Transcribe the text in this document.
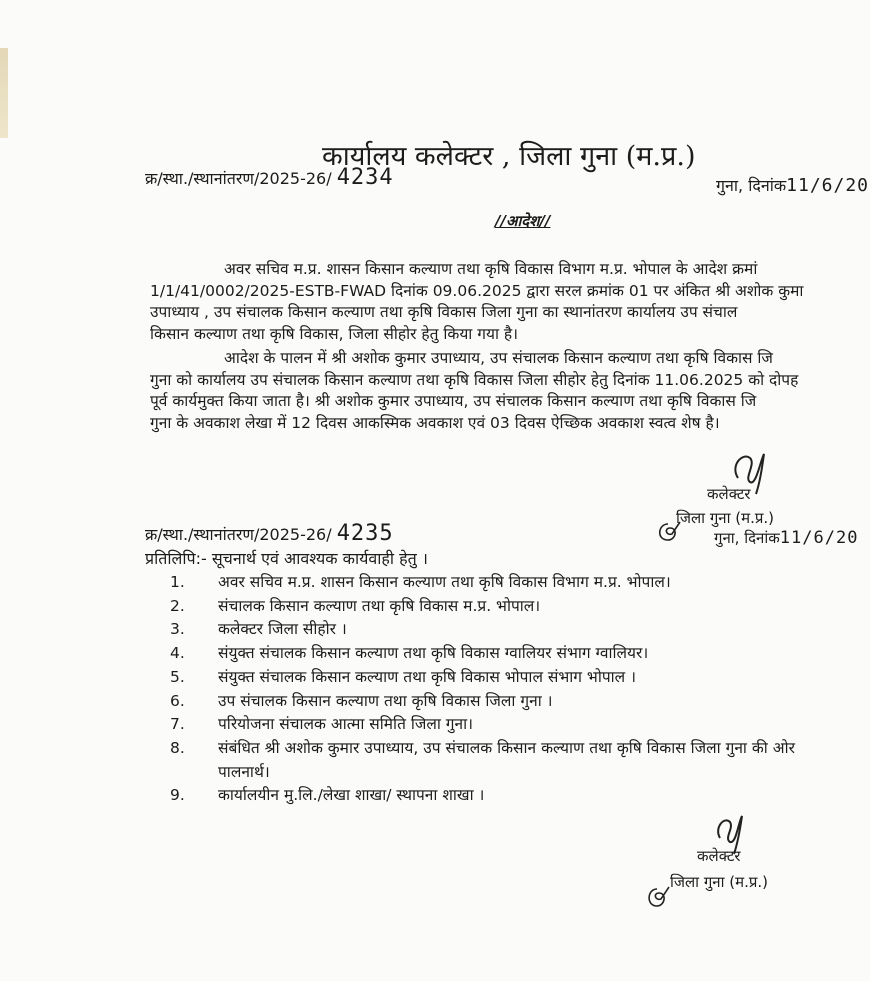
कार्यालय कलेक्टर , जिला गुना (म.प्र.)
क्र/स्था./स्थानांतरण/2025-26/ 4234	गुना, दिनांक11/6/20
//आदेश//
अवर सचिव म.प्र. शासन किसान कल्याण तथा कृषि विकास विभाग म.प्र. भोपाल के आदेश क्रमां
1/1/41/0002/2025-ESTB-FWAD दिनांक 09.06.2025 द्वारा सरल क्रमांक 01 पर अंकित श्री अशोक कुमा
उपाध्याय , उप संचालक किसान कल्याण तथा कृषि विकास जिला गुना का स्थानांतरण कार्यालय उप संचाल
किसान कल्याण तथा कृषि विकास, जिला सीहोर हेतु किया गया है।
आदेश के पालन में श्री अशोक कुमार उपाध्याय, उप संचालक किसान कल्याण तथा कृषि विकास जि
गुना को कार्यालय उप संचालक किसान कल्याण तथा कृषि विकास जिला सीहोर हेतु दिनांक 11.06.2025 को दोपह
पूर्व कार्यमुक्त किया जाता है। श्री अशोक कुमार उपाध्याय, उप संचालक किसान कल्याण तथा कृषि विकास जि
गुना के अवकाश लेखा में 12 दिवस आकस्मिक अवकाश एवं 03 दिवस ऐच्छिक अवकाश स्वत्व शेष है।
कलेक्टर
जिला गुना (म.प्र.)
गुना, दिनांक11/6/20
क्र/स्था./स्थानांतरण/2025-26/ 4235
प्रतिलिपि:- सूचनार्थ एवं आवश्यक कार्यवाही हेतु ।
1.	अवर सचिव म.प्र. शासन किसान कल्याण तथा कृषि विकास विभाग म.प्र. भोपाल।
2.	संचालक किसान कल्याण तथा कृषि विकास म.प्र. भोपाल।
3.	कलेक्टर जिला सीहोर ।
4.	संयुक्त संचालक किसान कल्याण तथा कृषि विकास ग्वालियर संभाग ग्वालियर।
5.	संयुक्त संचालक किसान कल्याण तथा कृषि विकास भोपाल संभाग भोपाल ।
6.	उप संचालक किसान कल्याण तथा कृषि विकास जिला गुना ।
7.	परियोजना संचालक आत्मा समिति जिला गुना।
8.	संबंधित श्री अशोक कुमार उपाध्याय, उप संचालक किसान कल्याण तथा कृषि विकास जिला गुना की ओर
पालनार्थ।
9.	कार्यालयीन मु.लि./लेखा शाखा/ स्थापना शाखा ।
कलेक्टर
जिला गुना (म.प्र.)
